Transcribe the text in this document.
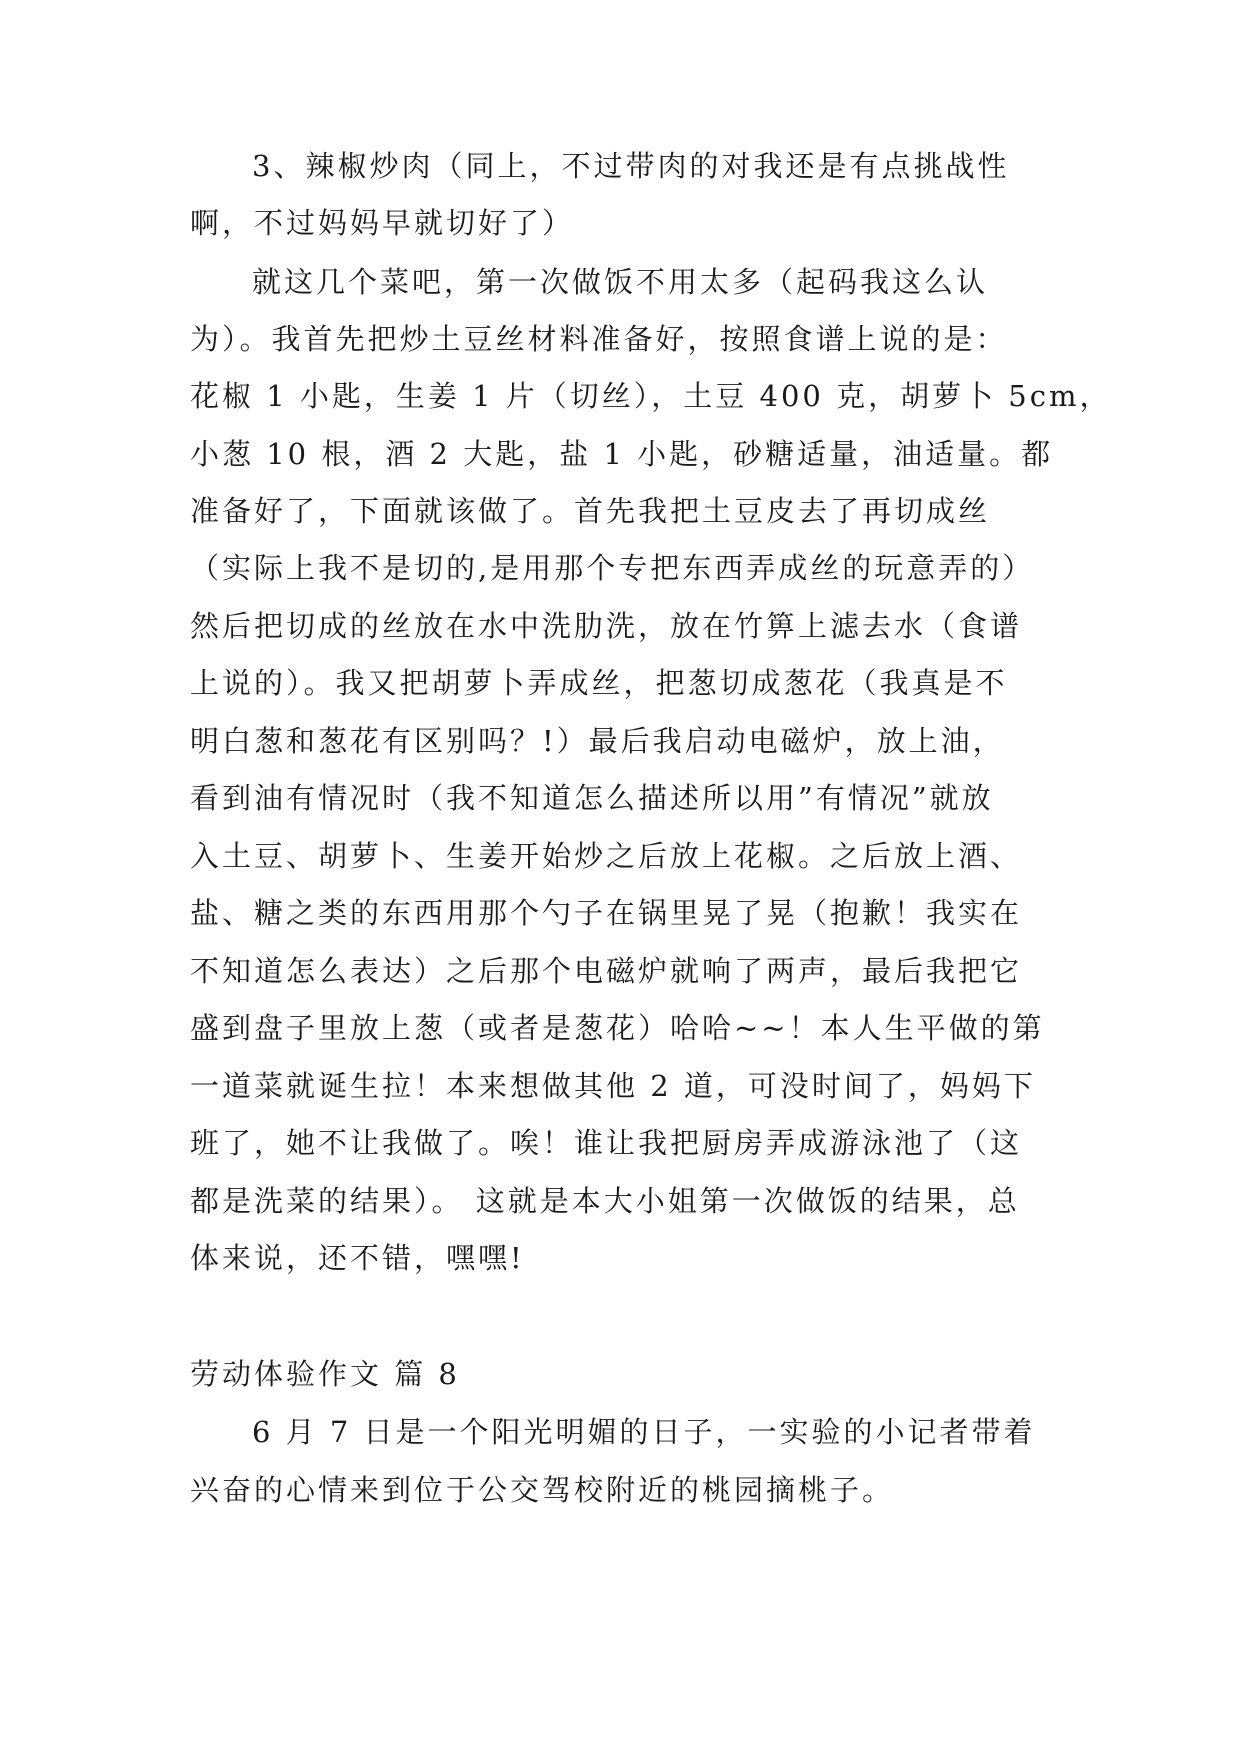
3、辣椒炒肉（同上，不过带肉的对我还是有点挑战性
啊，不过妈妈早就切好了）
就这几个菜吧，第一次做饭不用太多（起码我这么认
为）。我首先把炒土豆丝材料准备好，按照食谱上说的是：
花椒 1 小匙，生姜 1 片（切丝），土豆 400 克，胡萝卜 5cm，
小葱 10 根，酒 2 大匙，盐 1 小匙，砂糖适量，油适量。都
准备好了，下面就该做了。首先我把土豆皮去了再切成丝
（实际上我不是切的,是用那个专把东西弄成丝的玩意弄的）
然后把切成的丝放在水中洗肋洗，放在竹箅上滤去水（食谱
上说的）。我又把胡萝卜弄成丝，把葱切成葱花（我真是不
明白葱和葱花有区别吗？!）最后我启动电磁炉，放上油，
看到油有情况时（我不知道怎么描述所以用”有情况”就放
入土豆、胡萝卜、生姜开始炒之后放上花椒。之后放上酒、
盐、糖之类的东西用那个勺子在锅里晃了晃（抱歉！我实在
不知道怎么表达）之后那个电磁炉就响了两声，最后我把它
盛到盘子里放上葱（或者是葱花）哈哈~~！本人生平做的第
一道菜就诞生拉！本来想做其他 2 道，可没时间了，妈妈下
班了，她不让我做了。唉！谁让我把厨房弄成游泳池了（这
都是洗菜的结果）。 这就是本大小姐第一次做饭的结果，总
体来说，还不错，嘿嘿!
劳动体验作文 篇 8
6 月 7 日是一个阳光明媚的日子，一实验的小记者带着
兴奋的心情来到位于公交驾校附近的桃园摘桃子。
